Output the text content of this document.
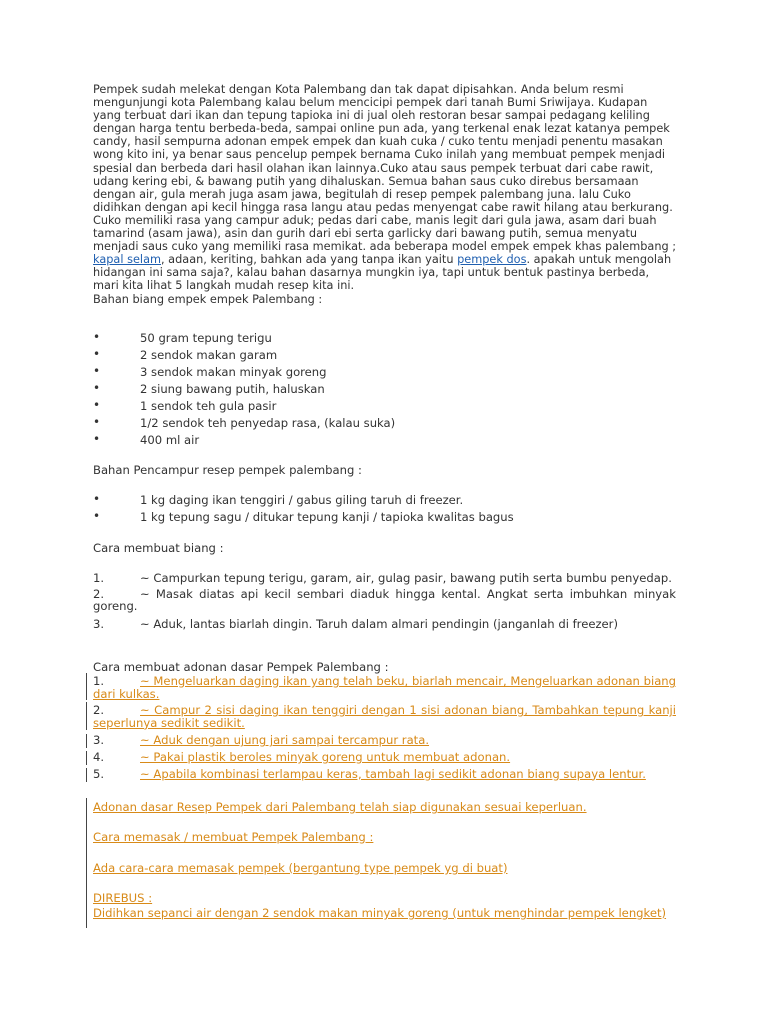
Pempek sudah melekat dengan Kota Palembang dan tak dapat dipisahkan. Anda belum resmi mengunjungi kota Palembang kalau belum mencicipi pempek dari tanah Bumi Sriwijaya. Kudapan yang terbuat dari ikan dan tepung tapioka ini di jual oleh restoran besar sampai pedagang keliling dengan harga tentu berbeda-beda, sampai online pun ada, yang terkenal enak lezat katanya pempek candy, hasil sempurna adonan empek empek dan kuah cuka / cuko tentu menjadi penentu masakan wong kito ini, ya benar saus pencelup pempek bernama Cuko inilah yang membuat pempek menjadi spesial dan berbeda dari hasil olahan ikan lainnya.Cuko atau saus pempek terbuat dari cabe rawit, udang kering ebi, & bawang putih yang dihaluskan. Semua bahan saus cuko direbus bersamaan dengan air, gula merah juga asam jawa, begitulah di resep pempek palembang juna. lalu Cuko didihkan dengan api kecil hingga rasa langu atau pedas menyengat cabe rawit hilang atau berkurang. Cuko memiliki rasa yang campur aduk; pedas dari cabe, manis legit dari gula jawa, asam dari buah tamarind (asam jawa), asin dan gurih dari ebi serta garlicky dari bawang putih, semua menyatu menjadi saus cuko yang memiliki rasa memikat. ada beberapa model empek empek khas palembang ; kapal selam, adaan, keriting, bahkan ada yang tanpa ikan yaitu pempek dos. apakah untuk mengolah hidangan ini sama saja?, kalau bahan dasarnya mungkin iya, tapi untuk bentuk pastinya berbeda, mari kita lihat 5 langkah mudah resep kita ini.
Bahan biang empek empek Palembang :

•	50 gram tepung terigu
•	2 sendok makan garam
•	3 sendok makan minyak goreng
•	2 siung bawang putih, haluskan
•	1 sendok teh gula pasir
•	1/2 sendok teh penyedap rasa, (kalau suka)
•	400 ml air

Bahan Pencampur resep pempek palembang :

•	1 kg daging ikan tenggiri / gabus giling taruh di freezer.
•	1 kg tepung sagu / ditukar tepung kanji / tapioka kwalitas bagus

Cara membuat biang :

1.	~ Campurkan tepung terigu, garam, air, gulag pasir, bawang putih serta bumbu penyedap.
2.	~ Masak diatas api kecil sembari diaduk hingga kental. Angkat serta imbuhkan minyak goreng.
3.	~ Aduk, lantas biarlah dingin. Taruh dalam almari pendingin (janganlah di freezer)

Cara membuat adonan dasar Pempek Palembang :

1.	~ Mengeluarkan daging ikan yang telah beku, biarlah mencair, Mengeluarkan adonan biang dari kulkas.
2.	~ Campur 2 sisi daging ikan tenggiri dengan 1 sisi adonan biang, Tambahkan tepung kanji seperlunya sedikit sedikit.
3.	~ Aduk dengan ujung jari sampai tercampur rata.
4.	~ Pakai plastik beroles minyak goreng untuk membuat adonan.
5.	~ Apabila kombinasi terlampau keras, tambah lagi sedikit adonan biang supaya lentur.

Adonan dasar Resep Pempek dari Palembang telah siap digunakan sesuai keperluan.

Cara memasak / membuat Pempek Palembang :

Ada cara-cara memasak pempek (bergantung type pempek yg di buat)

DIREBUS :

Didihkan sepanci air dengan 2 sendok makan minyak goreng (untuk menghindar pempek lengket)
